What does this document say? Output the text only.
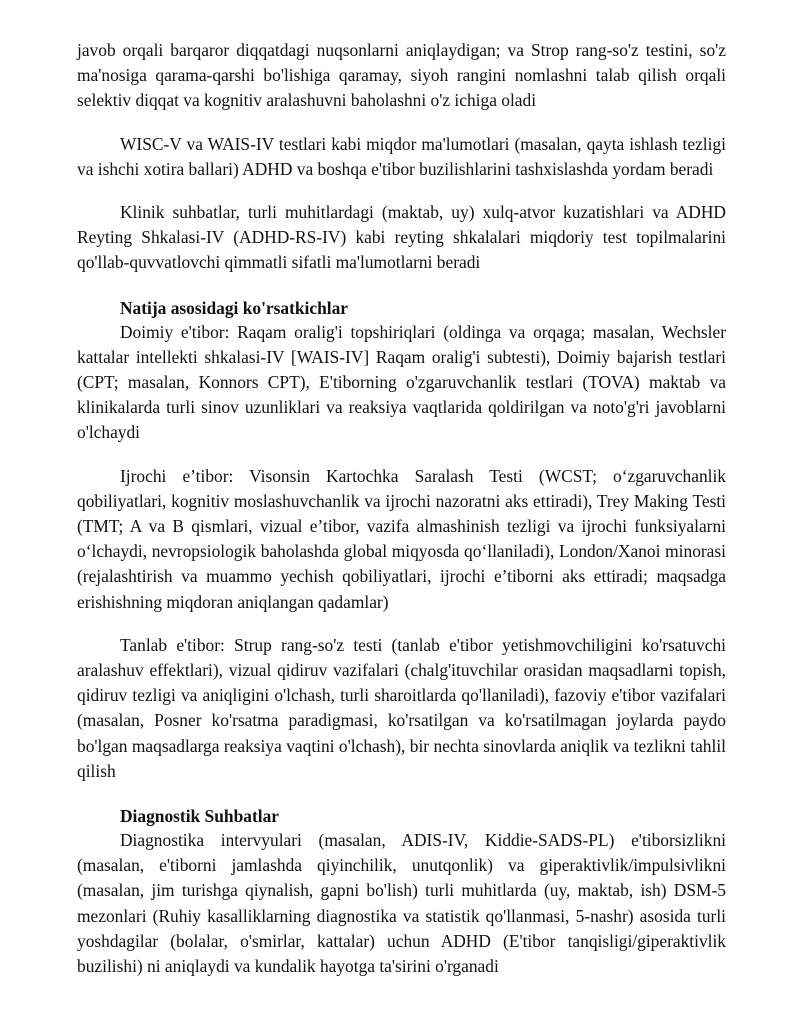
javob orqali barqaror diqqatdagi nuqsonlarni aniqlaydigan; va Strop rang-so'z testini, so'z ma'nosiga qarama-qarshi bo'lishiga qaramay, siyoh rangini nomlashni talab qilish orqali selektiv diqqat va kognitiv aralashuvni baholashni o'z ichiga oladi

WISC-V va WAIS-IV testlari kabi miqdor ma'lumotlari (masalan, qayta ishlash tezligi va ishchi xotira ballari) ADHD va boshqa e'tibor buzilishlarini tashxislashda yordam beradi

Klinik suhbatlar, turli muhitlardagi (maktab, uy) xulq-atvor kuzatishlari va ADHD Reyting Shkalasi-IV (ADHD-RS-IV) kabi reyting shkalalari miqdoriy test topilmalarini qo'llab-quvvatlovchi qimmatli sifatli ma'lumotlarni beradi

Natija asosidagi ko'rsatkichlar

Doimiy e'tibor: Raqam oralig'i topshiriqlari (oldinga va orqaga; masalan, Wechsler kattalar intellekti shkalasi-IV [WAIS-IV] Raqam oralig'i subtesti), Doimiy bajarish testlari (CPT; masalan, Konnors CPT), E'tiborning o'zgaruvchanlik testlari (TOVA) maktab va klinikalarda turli sinov uzunliklari va reaksiya vaqtlarida qoldirilgan va noto'g'ri javoblarni o'lchaydi

Ijrochi e’tibor: Visonsin Kartochka Saralash Testi (WCST; o‘zgaruvchanlik qobiliyatlari, kognitiv moslashuvchanlik va ijrochi nazoratni aks ettiradi), Trey Making Testi (TMT; A va B qismlari, vizual e’tibor, vazifa almashinish tezligi va ijrochi funksiyalarni o‘lchaydi, nevropsiologik baholashda global miqyosda qo‘llaniladi), London/Xanoi minorasi (rejalashtirish va muammo yechish qobiliyatlari, ijrochi e’tiborni aks ettiradi; maqsadga erishishning miqdoran aniqlangan qadamlar)

Tanlab e'tibor: Strup rang-so'z testi (tanlab e'tibor yetishmovchiligini ko'rsatuvchi aralashuv effektlari), vizual qidiruv vazifalari (chalg'ituvchilar orasidan maqsadlarni topish, qidiruv tezligi va aniqligini o'lchash, turli sharoitlarda qo'llaniladi), fazoviy e'tibor vazifalari (masalan, Posner ko'rsatma paradigmasi, ko'rsatilgan va ko'rsatilmagan joylarda paydo bo'lgan maqsadlarga reaksiya vaqtini o'lchash), bir nechta sinovlarda aniqlik va tezlikni tahlil qilish

Diagnostik Suhbatlar

Diagnostika intervyulari (masalan, ADIS-IV, Kiddie-SADS-PL) e'tiborsizlikni (masalan, e'tiborni jamlashda qiyinchilik, unutqonlik) va giperaktivlik/impulsivlikni (masalan, jim turishga qiynalish, gapni bo'lish) turli muhitlarda (uy, maktab, ish) DSM-5 mezonlari (Ruhiy kasalliklarning diagnostika va statistik qo'llanmasi, 5-nashr) asosida turli yoshdagilar (bolalar, o'smirlar, kattalar) uchun ADHD (E'tibor tanqisligi/giperaktivlik buzilishi) ni aniqlaydi va kundalik hayotga ta'sirini o'rganadi
